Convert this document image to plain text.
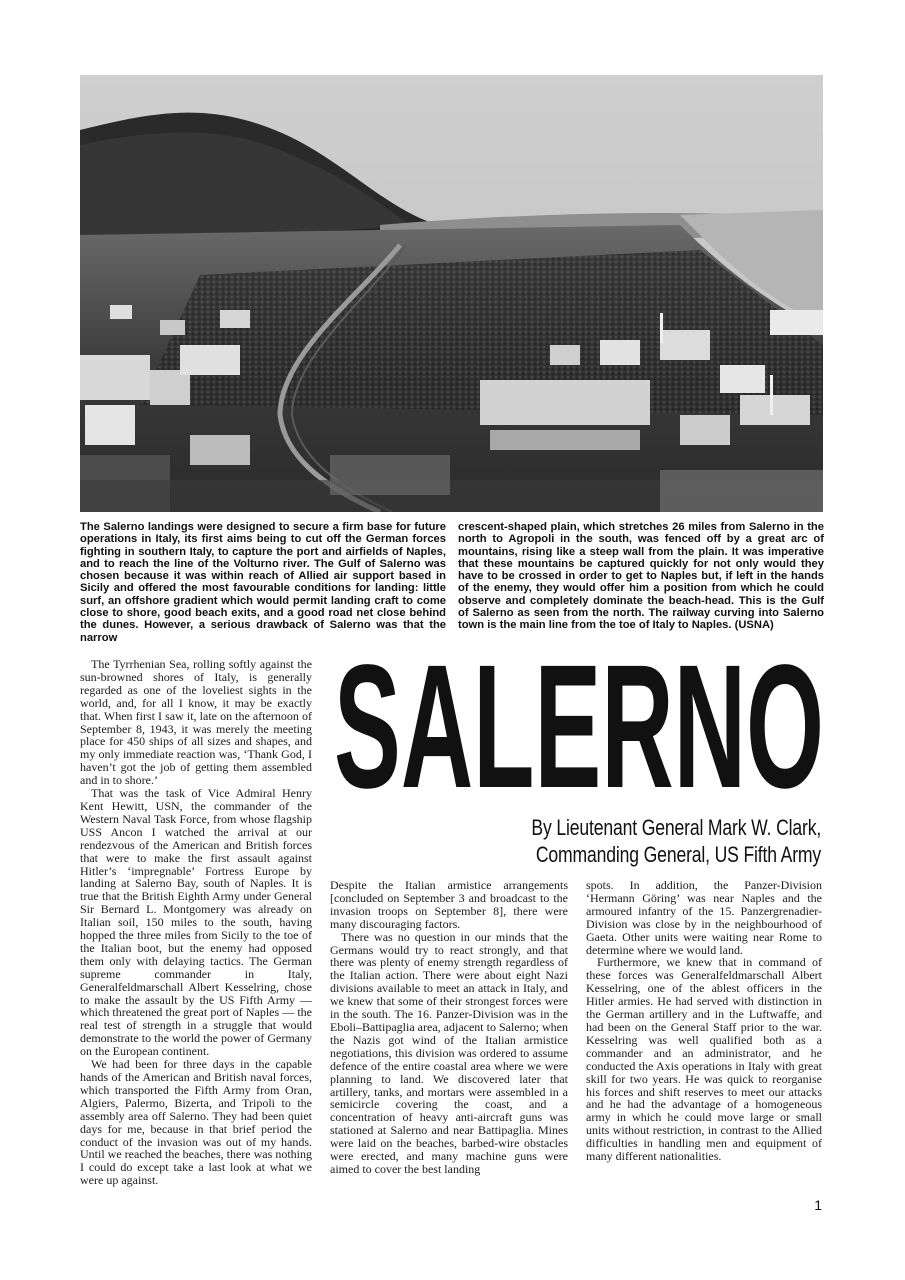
The Salerno landings were designed to secure a firm base for future operations in Italy, its first aims being to cut off the German forces fighting in southern Italy, to capture the port and airfields of Naples, and to reach the line of the Volturno river. The Gulf of Salerno was chosen because it was within reach of Allied air support based in Sicily and offered the most favourable conditions for landing: little surf, an offshore gradient which would permit landing craft to come close to shore, good beach exits, and a good road net close behind the dunes. However, a serious drawback of Salerno was that the narrow

crescent-shaped plain, which stretches 26 miles from Salerno in the north to Agropoli in the south, was fenced off by a great arc of mountains, rising like a steep wall from the plain. It was imperative that these mountains be captured quickly for not only would they have to be crossed in order to get to Naples but, if left in the hands of the enemy, they would offer him a position from which he could observe and completely dominate the beach-head. This is the Gulf of Salerno as seen from the north. The railway curving into Salerno town is the main line from the toe of Italy to Naples. (USNA)

The Tyrrhenian Sea, rolling softly against the sun-browned shores of Italy, is generally regarded as one of the loveliest sights in the world, and, for all I know, it may be exactly that. When first I saw it, late on the afternoon of September 8, 1943, it was merely the meeting place for 450 ships of all sizes and shapes, and my only immediate reaction was, ‘Thank God, I haven’t got the job of getting them assembled and in to shore.’

That was the task of Vice Admiral Henry Kent Hewitt, USN, the commander of the Western Naval Task Force, from whose flagship USS Ancon I watched the arrival at our rendezvous of the American and British forces that were to make the first assault against Hitler’s ‘impregnable’ Fortress Europe by landing at Salerno Bay, south of Naples. It is true that the British Eighth Army under General Sir Bernard L. Montgomery was already on Italian soil, 150 miles to the south, having hopped the three miles from Sicily to the toe of the Italian boot, but the enemy had opposed them only with delaying tactics. The German supreme commander in Italy, Generalfeldmarschall Albert Kesselring, chose to make the assault by the US Fifth Army — which threatened the great port of Naples — the real test of strength in a struggle that would demonstrate to the world the power of Germany on the European continent.

We had been for three days in the capable hands of the American and British naval forces, which transported the Fifth Army from Oran, Algiers, Palermo, Bizerta, and Tripoli to the assembly area off Salerno. They had been quiet days for me, because in that brief period the conduct of the invasion was out of my hands. Until we reached the beaches, there was nothing I could do except take a last look at what we were up against.

SALERNO
By Lieutenant General Mark W. Clark,
Commanding General, US Fifth Army

Despite the Italian armistice arrangements [concluded on September 3 and broadcast to the invasion troops on September 8], there were many discouraging factors.

There was no question in our minds that the Germans would try to react strongly, and that there was plenty of enemy strength regardless of the Italian action. There were about eight Nazi divisions available to meet an attack in Italy, and we knew that some of their strongest forces were in the south. The 16. Panzer-Division was in the Eboli–Battipaglia area, adjacent to Salerno; when the Nazis got wind of the Italian armistice negotiations, this division was ordered to assume defence of the entire coastal area where we were planning to land. We discovered later that artillery, tanks, and mortars were assembled in a semicircle covering the coast, and a concentration of heavy anti-aircraft guns was stationed at Salerno and near Battipaglia. Mines were laid on the beaches, barbed-wire obstacles were erected, and many machine guns were aimed to cover the best landing

spots. In addition, the Panzer-Division ‘Hermann Göring’ was near Naples and the armoured infantry of the 15. Panzergrenadier-Division was close by in the neighbourhood of Gaeta. Other units were waiting near Rome to determine where we would land.

Furthermore, we knew that in command of these forces was Generalfeldmarschall Albert Kesselring, one of the ablest officers in the Hitler armies. He had served with distinction in the German artillery and in the Luftwaffe, and had been on the General Staff prior to the war. Kesselring was well qualified both as a commander and an administrator, and he conducted the Axis operations in Italy with great skill for two years. He was quick to reorganise his forces and shift reserves to meet our attacks and he had the advantage of a homogeneous army in which he could move large or small units without restriction, in contrast to the Allied difficulties in handling men and equipment of many different nationalities.

1
